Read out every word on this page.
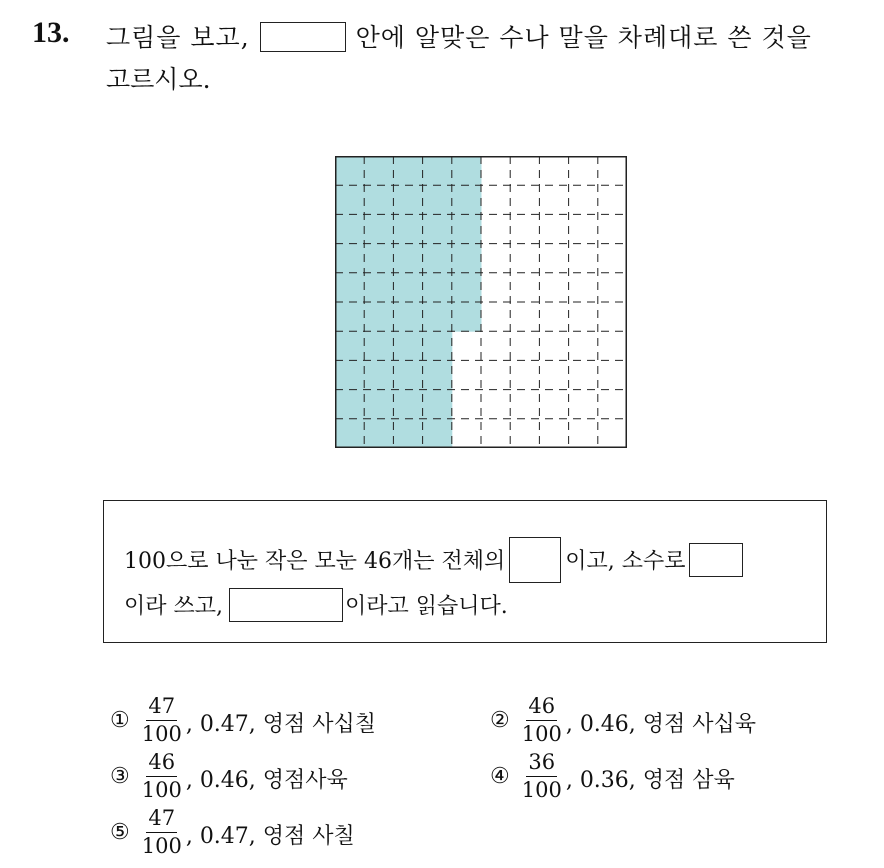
13. 그림을 보고,	안에 알맞은 수나 말을 차례대로 쓴 것을
고르시오.
100으로 나눈 작은 모눈 46개는 전체의	이고, 소수로
이라 쓰고,	이라고 읽습니다.
① $\frac{47}{100}$ , 0.47, 영점 사십칠	② $\frac{46}{100}$ , 0.46, 영점 사십육
③ $\frac{46}{100}$ , 0.46, 영점사육	④ $\frac{36}{100}$ , 0.36, 영점 삼육
⑤ $\frac{47}{100}$ , 0.47, 영점 사칠
